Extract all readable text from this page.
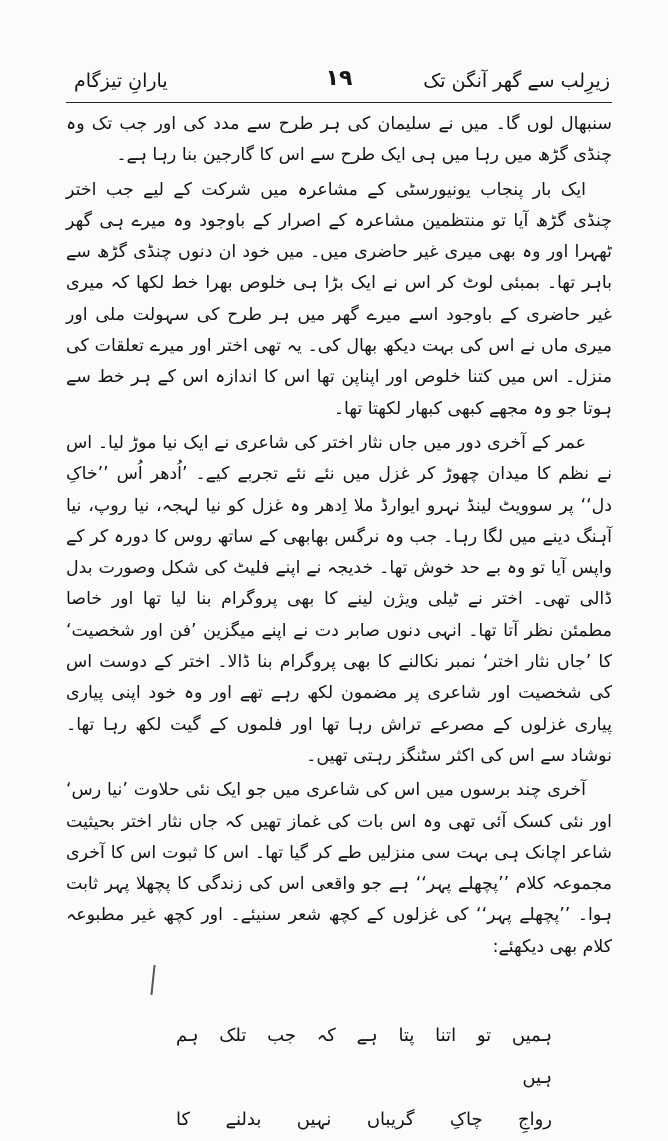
زیرِلب سے گھر آنگن تک
۱۹
یارانِ تیزگام

سنبھال لوں گا۔ میں نے سلیمان کی ہر طرح سے مدد کی اور جب تک وہ چنڈی گڑھ میں رہا میں ہی ایک طرح سے اس کا گارجین بنا رہا ہے۔

ایک بار پنجاب یونیورسٹی کے مشاعرہ میں شرکت کے لیے جب اختر چنڈی گڑھ آیا تو منتظمین مشاعرہ کے اصرار کے باوجود وہ میرے ہی گھر ٹھہرا اور وہ بھی میری غیر حاضری میں۔ میں خود ان دنوں چنڈی گڑھ سے باہر تھا۔ بمبئی لوٹ کر اس نے ایک بڑا ہی خلوص بھرا خط لکھا کہ میری غیر حاضری کے باوجود اسے میرے گھر میں ہر طرح کی سہولت ملی اور میری ماں نے اس کی بہت دیکھ بھال کی۔ یہ تھی اختر اور میرے تعلقات کی منزل۔ اس میں کتنا خلوص اور اپناپن تھا اس کا اندازہ اس کے ہر خط سے ہوتا جو وہ مجھے کبھی کبھار لکھتا تھا۔

عمر کے آخری دور میں جاں نثار اختر کی شاعری نے ایک نیا موڑ لیا۔ اس نے نظم کا میدان چھوڑ کر غزل میں نئے نئے تجربے کیے۔ ’اُدھر اُس ’’خاکِ دل‘‘ پر سوویٹ لینڈ نہرو ایوارڈ ملا اِدھر وہ غزل کو نیا لہجہ، نیا روپ، نیا آہنگ دینے میں لگا رہا۔ جب وہ نرگس بھابھی کے ساتھ روس کا دورہ کر کے واپس آیا تو وہ بے حد خوش تھا۔ خدیجہ نے اپنے فلیٹ کی شکل وصورت بدل ڈالی تھی۔ اختر نے ٹیلی ویژن لینے کا بھی پروگرام بنا لیا تھا اور خاصا مطمئن نظر آتا تھا۔ انہی دنوں صابر دت نے اپنے میگزین ’فن اور شخصیت‘ کا ’جاں نثار اختر‘ نمبر نکالنے کا بھی پروگرام بنا ڈالا۔ اختر کے دوست اس کی شخصیت اور شاعری پر مضمون لکھ رہے تھے اور وہ خود اپنی پیاری پیاری غزلوں کے مصرعے تراش رہا تھا اور فلموں کے گیت لکھ رہا تھا۔ نوشاد سے اس کی اکثر سٹنگز رہتی تھیں۔

آخری چند برسوں میں اس کی شاعری میں جو ایک نئی حلاوت ’نیا رس‘ اور نئی کسک آئی تھی وہ اس بات کی غماز تھیں کہ جاں نثار اختر بحیثیت شاعر اچانک ہی بہت سی منزلیں طے کر گیا تھا۔ اس کا ثبوت اس کا آخری مجموعہ کلام ’’پچھلے پہر‘‘ ہے جو واقعی اس کی زندگی کا پچھلا پہر ثابت ہوا۔ ’’پچھلے پہر‘‘ کی غزلوں کے کچھ شعر سنیئے۔ اور کچھ غیر مطبوعہ کلام بھی دیکھئے:

ہمیں تو اتنا پتا ہے کہ جب تلک ہم ہیں
رواجِ چاکِ گریباں نہیں بدلنے کا
